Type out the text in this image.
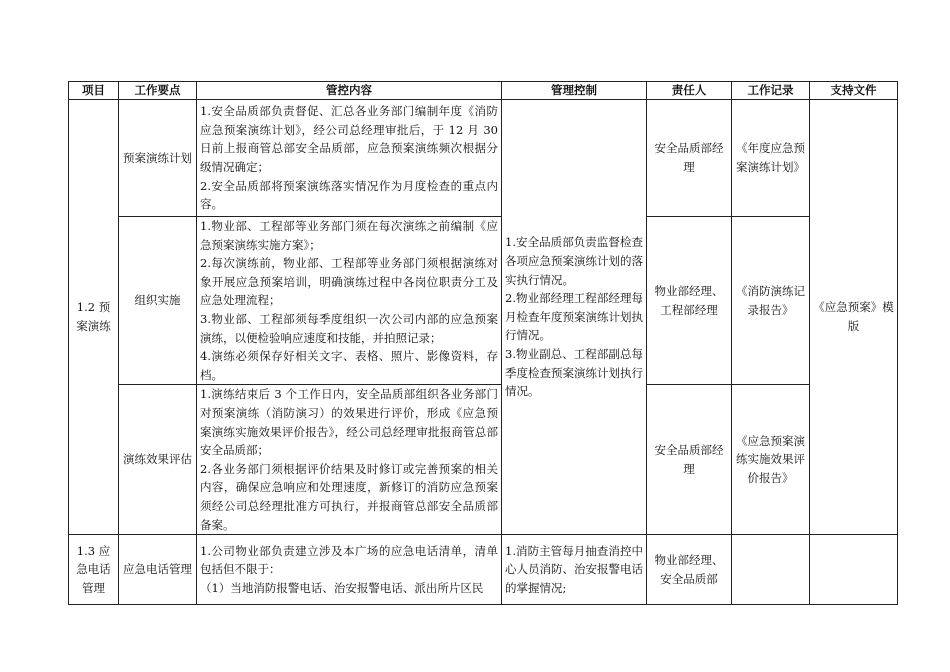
项目	工作要点	管控内容	管理控制	责任人	工作记录	支持文件
1.2 预案演练	预案演练计划	1.安全品质部负责督促、汇总各业务部门编制年度《消防应急预案演练计划》，经公司总经理审批后，于 12 月 30 日前上报商管总部安全品质部，应急预案演练频次根据分级情况确定；
2.安全品质部将预案演练落实情况作为月度检查的重点内容。	1.安全品质部负责监督检查各项应急预案演练计划的落实执行情况。
2.物业部经理工程部经理每月检查年度预案演练计划执行情况。
3.物业副总、工程部副总每季度检查预案演练计划执行情况。	安全品质部经理	《年度应急预案演练计划》	《应急预案》模版
	组织实施	1.物业部、工程部等业务部门须在每次演练之前编制《应急预案演练实施方案》；
2.每次演练前，物业部、工程部等业务部门须根据演练对象开展应急预案培训，明确演练过程中各岗位职责分工及应急处理流程；
3.物业部、工程部须每季度组织一次公司内部的应急预案演练，以便检验响应速度和技能，并拍照记录；
4.演练必须保存好相关文字、表格、照片、影像资料，存档。		物业部经理、工程部经理	《消防演练记录报告》	
	演练效果评估	1.演练结束后 3 个工作日内，安全品质部组织各业务部门对预案演练（消防演习）的效果进行评价，形成《应急预案演练实施效果评价报告》，经公司总经理审批报商管总部安全品质部；
2.各业务部门须根据评价结果及时修订或完善预案的相关内容，确保应急响应和处理速度，新修订的消防应急预案须经公司总经理批准方可执行，并报商管总部安全品质部备案。		安全品质部经理	《应急预案演练实施效果评价报告》	
1.3 应急电话管理	应急电话管理	1.公司物业部负责建立涉及本广场的应急电话清单，清单包括但不限于：
（1）当地消防报警电话、治安报警电话、派出所片区民	1.消防主管每月抽查消控中心人员消防、治安报警电话的掌握情况;	物业部经理、安全品质部		
